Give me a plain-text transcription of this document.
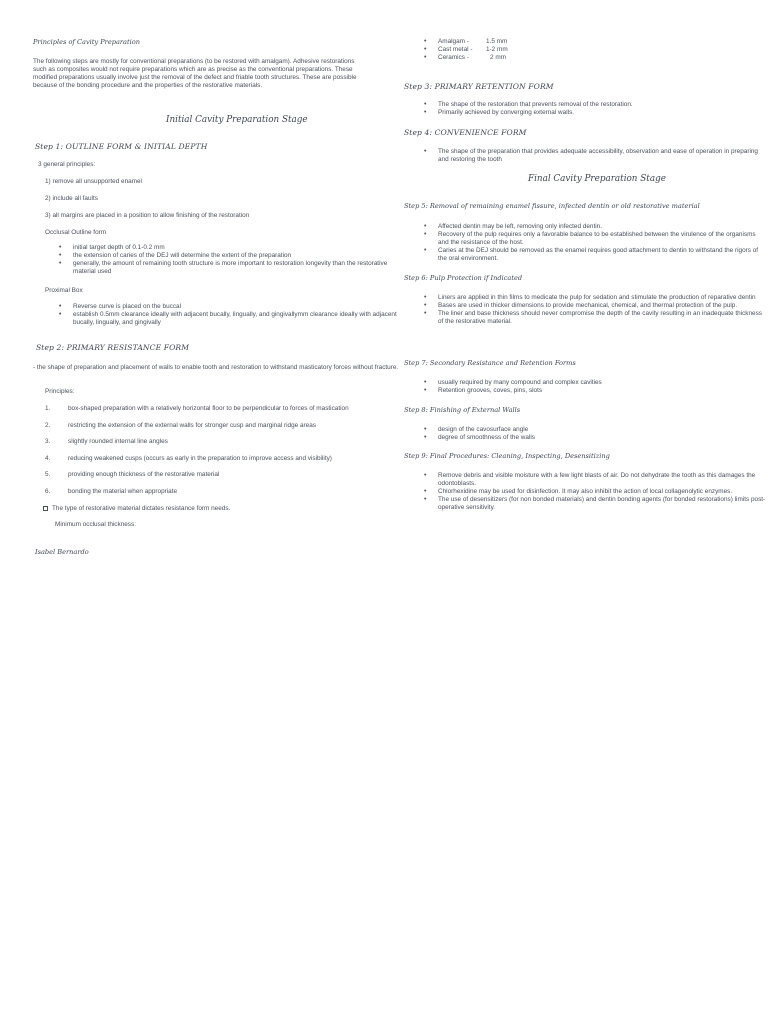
Principles of Cavity Preparation
The following steps are mostly for conventional preparations (to be restored with amalgam). Adhesive restorations such as composites would not require preparations which are as precise as the conventional preparations. These modified preparations usually involve just the removal of the defect and friable tooth structures. These are possible because of the bonding procedure and the properties of the restorative materials.
Initial Cavity Preparation Stage
Step 1: OUTLINE FORM & INITIAL DEPTH
3 general principles:
1) remove all unsupported enamel
2) include all faults
3) all margins are placed in a position to allow finishing of the restoration
Occlusal Outline form
• initial target depth of 0.1-0.2 mm
• the extension of caries of the DEJ will determine the extent of the preparation
• generally, the amount of remaining tooth structure is more important to restoration longevity than the restorative material used
Proximal Box
• Reverse curve is placed on the buccal
• establish 0.5mm clearance ideally with adjacent bucally, lingually, and gingivallymm clearance ideally with adjacent bucally, lingually, and gingivally
Step 2: PRIMARY RESISTANCE FORM
- the shape of preparation and placement of walls to enable tooth and restoration to withstand masticatory forces without fracture.
Principles:
1.	box-shaped preparation with a relatively horizontal floor to be perpendicular to forces of mastication
2.	restricting the extension of the external walls for stronger cusp and marginal ridge areas
3.	slightly rounded internal line angles
4.	reducing weakened cusps (occurs as early in the preparation to improve access and visibility)
5.	providing enough thickness of the restorative material
6.	bonding the material when appropriate
The type of restorative material dictates resistance form needs.
Minimum occlusal thickness:
Isabel Bernardo
• Amalgam -	1.5 mm
• Cast metal - 1-2 mm
• Ceramics -	2 mm
Step 3: PRIMARY RETENTION FORM
• The shape of the restoration that prevents removal of the restoration.
• Primarily achieved by converging external walls.
Step 4: CONVENIENCE FORM
• The shape of the preparation that provides adequate accessibility, observation and ease of operation in preparing and restoring the tooth
Final Cavity Preparation Stage
Step 5: Removal of remaining enamel fissure, infected dentin or old restorative material
• Affected dentin may be left, removing only infected dentin.
• Recovery of the pulp requires only a favorable balance to be established between the virulence of the organisms and the resistance of the host.
• Caries at the DEJ should be removed as the enamel requires good attachment to dentin to withstand the rigors of the oral environment.
Step 6: Pulp Protection if Indicated
• Liners are applied in thin films to medicate the pulp for sedation and stimulate the production of reparative dentin
• Bases are used in thicker dimensions to provide mechanical, chemical, and thermal protection of the pulp.
• The liner and base thickness should never compromise the depth of the cavity resulting in an inadequate thickness of the restorative material.
Step 7: Secondary Resistance and Retention Forms
• usually required by many compound and complex cavities
• Retention grooves, coves, pins, slots
Step 8: Finishing of External Walls
• design of the cavosurface angle
• degree of smoothness of the walls
Step 9: Final Procedures: Cleaning, Inspecting, Desensitizing
• Remove debris and visible moisture with a few light blasts of air. Do not dehydrate the tooth as this damages the odontoblasts.
• Chlorhexidine may be used for disinfection. It may also inhibit the action of local collagenolytic enzymes.
• The use of desensitizers (for non bonded materials) and dentin bonding agents (for bonded restorations) limits post-operative sensitivity.
